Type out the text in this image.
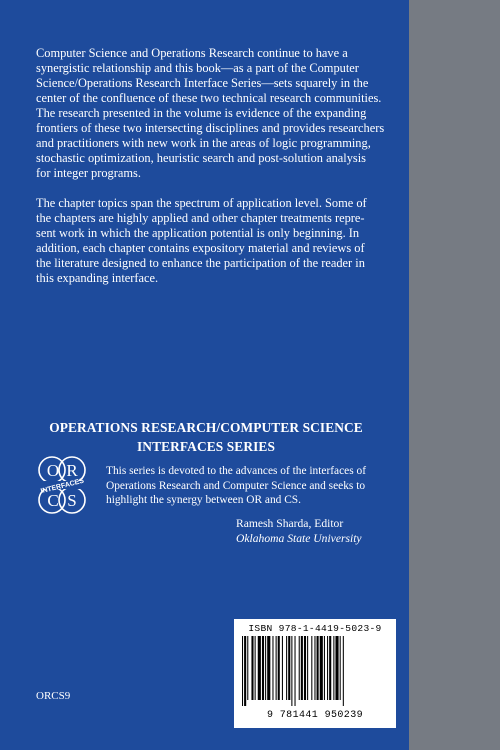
Computer Science and Operations Research continue to have a

synergistic relationship and this book—as a part of the Computer

Science/Operations Research Interface Series—sets squarely in the

center of the confluence of these two technical research communities.

The research presented in the volume is evidence of the expanding

frontiers of these two intersecting disciplines and provides researchers

and practitioners with new work in the areas of logic programming,

stochastic optimization, heuristic search and post-solution analysis

for integer programs.

The chapter topics span the spectrum of application level. Some of

the chapters are highly applied and other chapter treatments repre-

sent work in which the application potential is only beginning. In

addition, each chapter contains expository material and reviews of

the literature designed to enhance the participation of the reader in

this expanding interface.

OPERATIONS RESEARCH/COMPUTER SCIENCE
INTERFACES SERIES
O R
C S
INTERFACES
This series is devoted to the advances of the interfaces of
Operations Research and Computer Science and seeks to
highlight the synergy between OR and CS.
Ramesh Sharda, Editor
Oklahoma State University
ISBN 978-1-4419-5023-9
9 781441 950239
ORCS9
